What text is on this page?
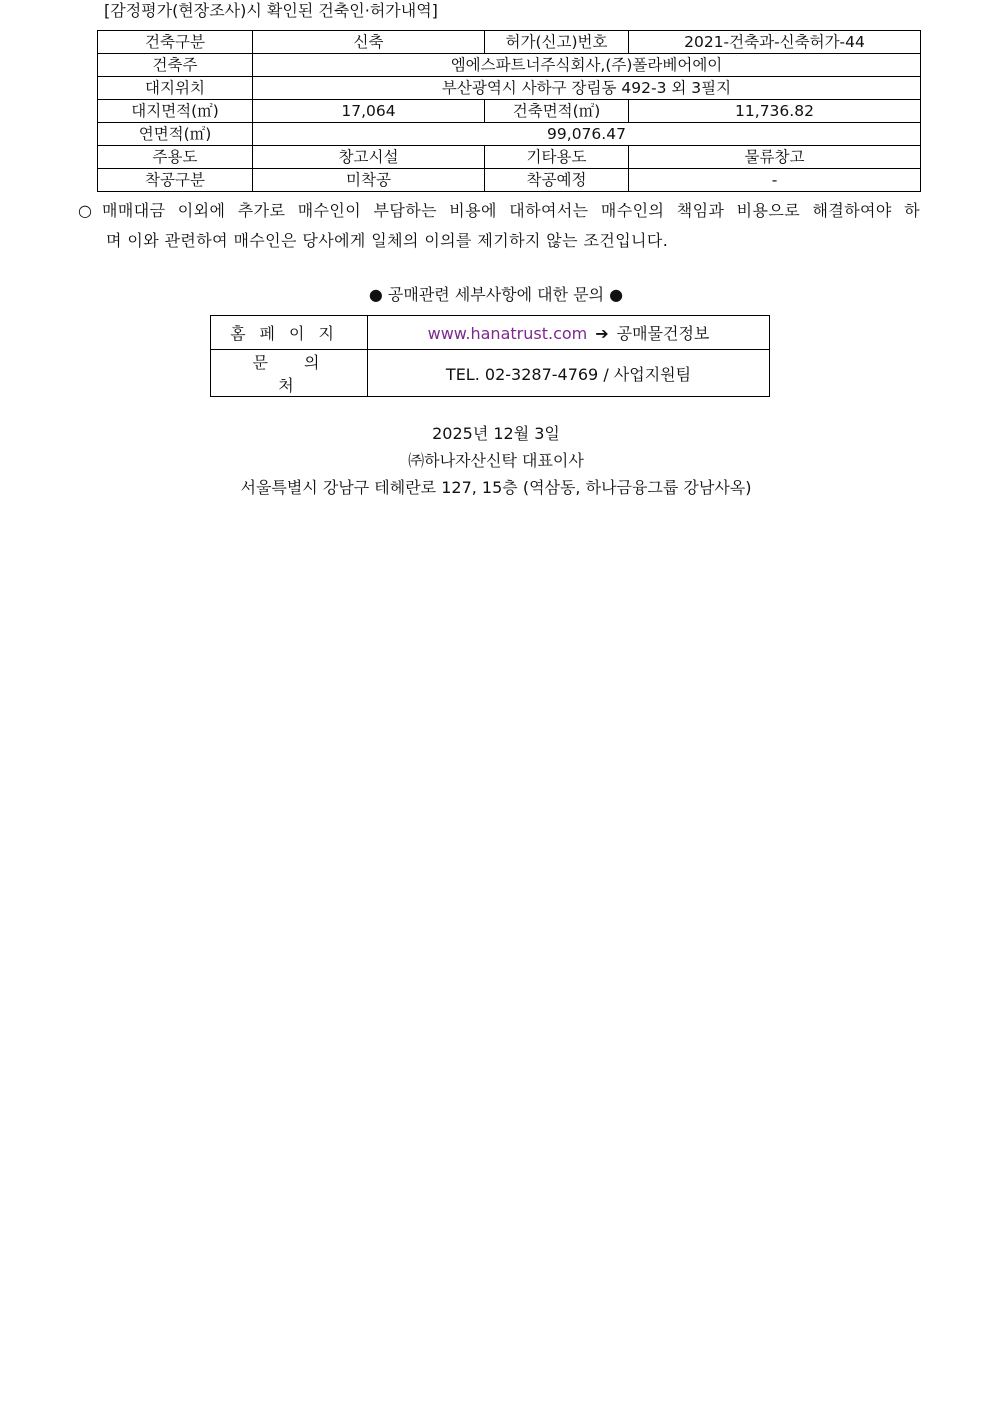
[감정평가(현장조사)시 확인된 건축인·허가내역]
건축구분	신축	허가(신고)번호	2021-건축과-신축허가-44
건축주	엠에스파트너주식회사,(주)폴라베어에이		
대지위치	부산광역시 사하구 장림동 492-3 외 3필지		
대지면적(㎡)	17,064	건축면적(㎡)	11,736.82
연면적(㎡)	99,076.47		
주용도	창고시설	기타용도	물류창고
착공구분	미착공	착공예정	-
○ 매매대금 이외에 추가로 매수인이 부담하는 비용에 대하여서는 매수인의 책임과 비용으로 해결하여야 하
며 이와 관련하여 매수인은 당사에게 일체의 이의를 제기하지 않는 조건입니다.
● 공매관련 세부사항에 대한 문의 ●
홈페이지	www.hanatrust.com ➔ 공매물건정보
문의처	TEL. 02-3287-4769 / 사업지원팀
2025년 12월 3일
㈜하나자산신탁 대표이사
서울특별시 강남구 테헤란로 127, 15층 (역삼동, 하나금융그룹 강남사옥)
